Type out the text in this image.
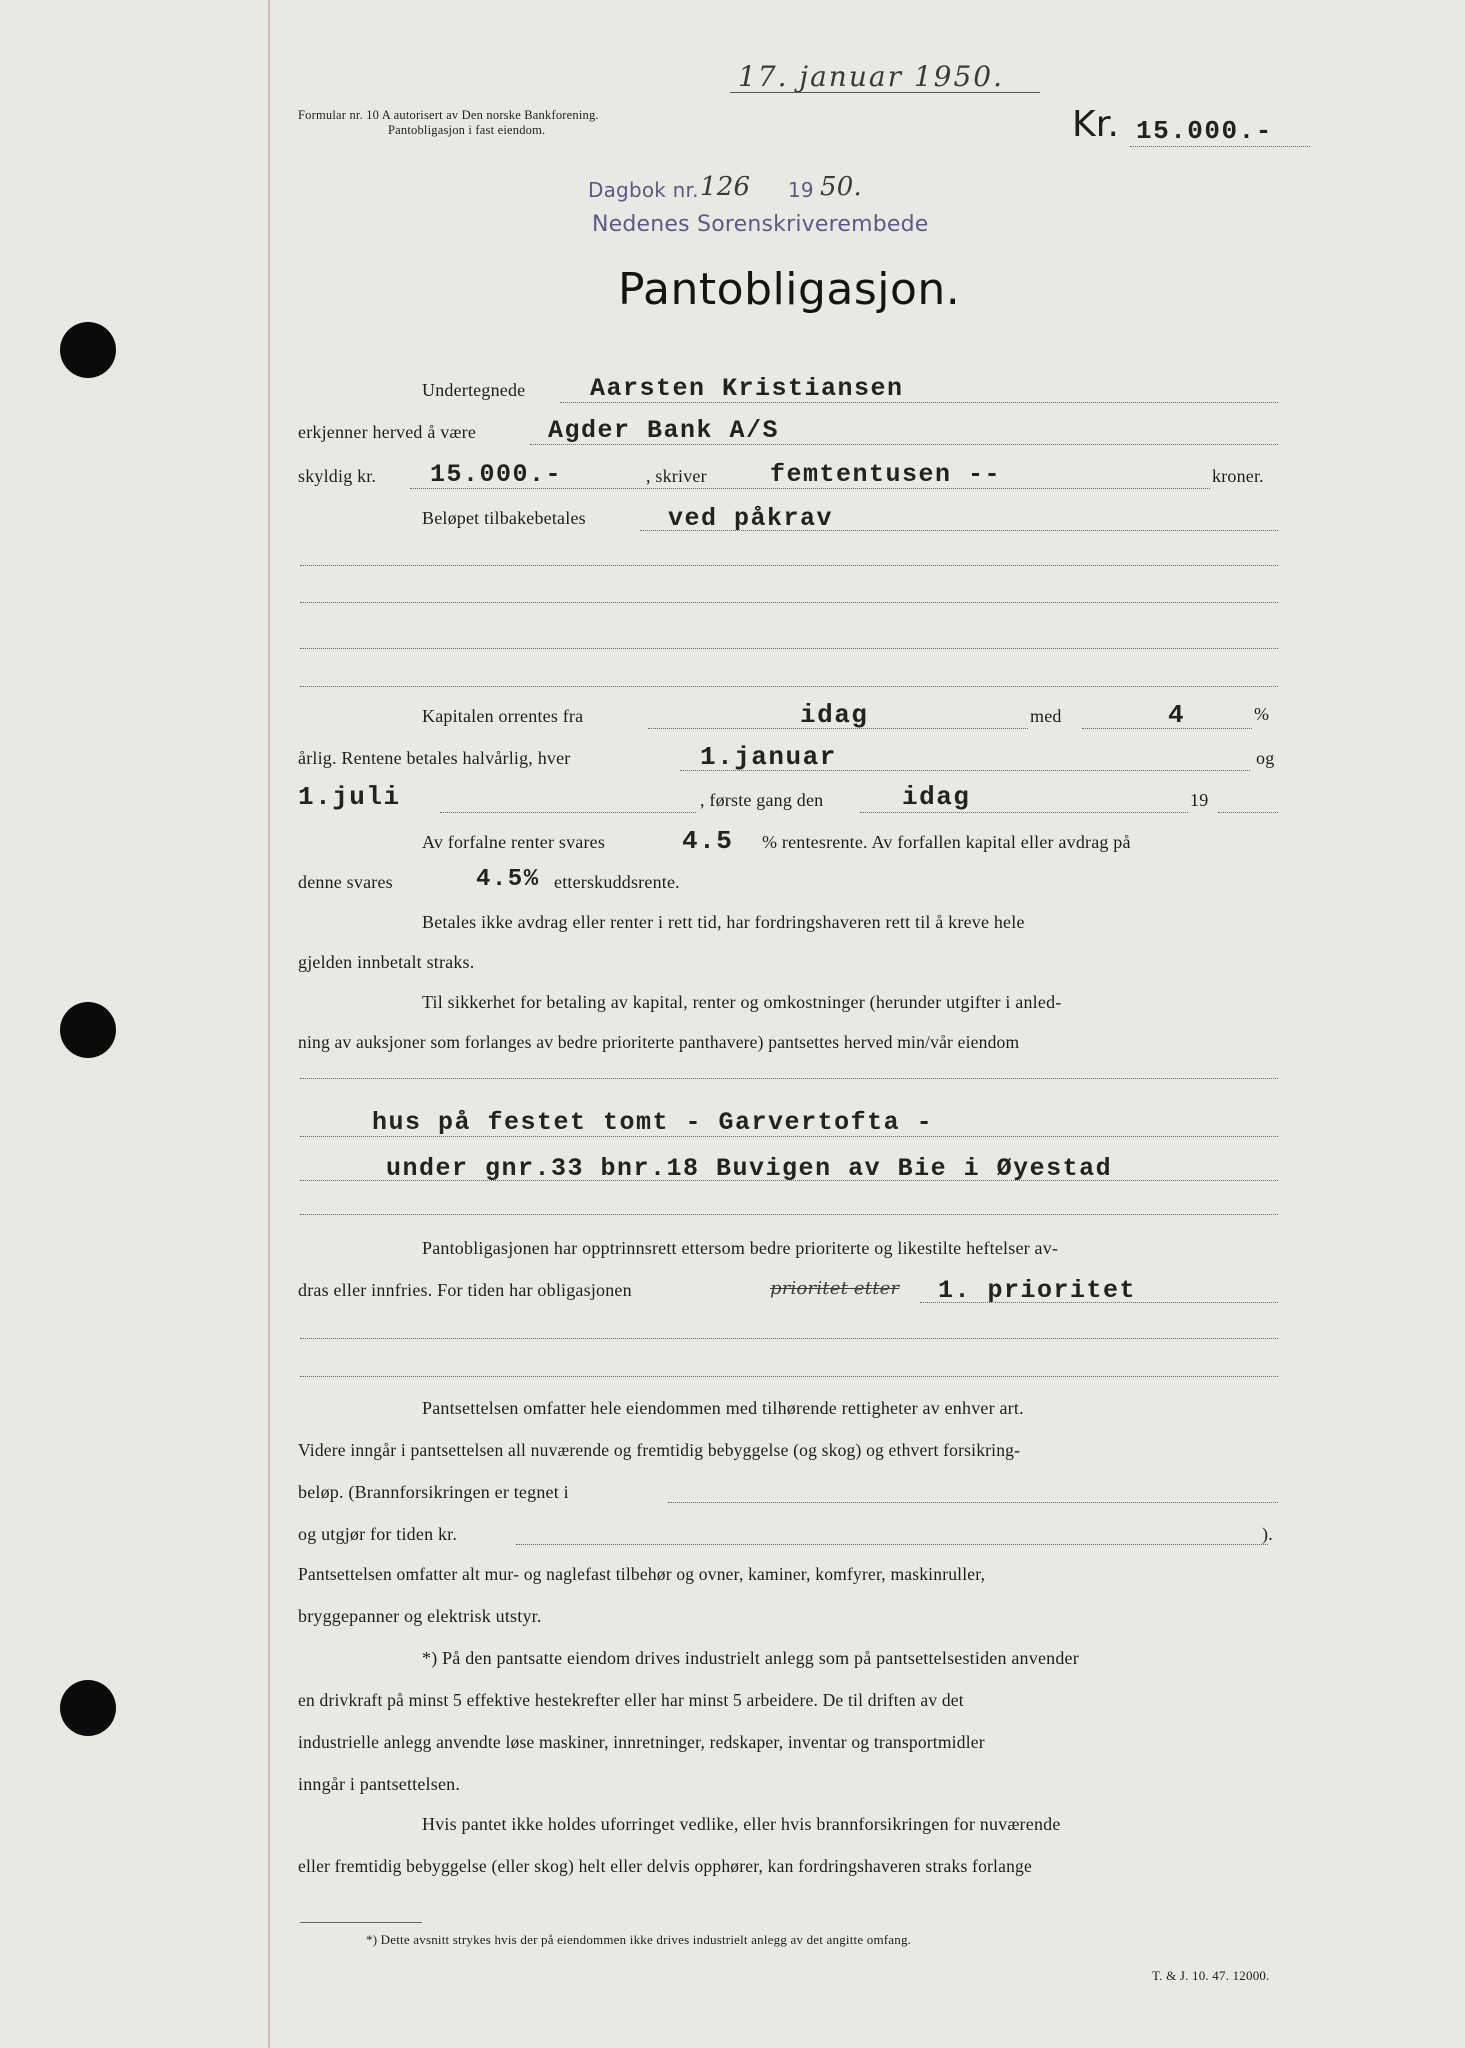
17. januar 1950.
Formular nr. 10 A autorisert av Den norske Bankforening.
Pantobligasjon i fast eiendom.	Kr. 15.000.-
Dagbok nr. 126 19 50.
Nedenes Sorenskriverembede
Pantobligasjon.
Undertegnede	Aarsten Kristiansen
erkjenner herved å være	Agder Bank A/S
skyldig kr. 15.000.-	, skriver	femtentusen --	kroner.
Beløpet tilbakebetales	ved påkrav
Kapitalen orrentes fra	idag	med	4	%
årlig. Rentene betales halvårlig, hver	1.januar	og
1.juli	, første gang den	idag	19
Av forfalne renter svares	4.5 % rentesrente. Av forfallen kapital eller avdrag på
denne svares	4.5% etterskuddsrente.
Betales ikke avdrag eller renter i rett tid, har fordringshaveren rett til å kreve hele
gjelden innbetalt straks.
Til sikkerhet for betaling av kapital, renter og omkostninger (herunder utgifter i anled-
ning av auksjoner som forlanges av bedre prioriterte panthavere) pantsettes herved min/vår eiendom
hus på festet tomt - Garvertofta -
under gnr.33 bnr.18 Buvigen av Bie i Øyestad
Pantobligasjonen har opptrinnsrett ettersom bedre prioriterte og likestilte heftelser av-
dras eller innfries. For tiden har obligasjonen	prioritet etter 1. prioritet
Pantsettelsen omfatter hele eiendommen med tilhørende rettigheter av enhver art.
Videre inngår i pantsettelsen all nuværende og fremtidig bebyggelse (og skog) og ethvert forsikring-
beløp. (Brannforsikringen er tegnet i
og utgjør for tiden kr.	).
Pantsettelsen omfatter alt mur- og naglefast tilbehør og ovner, kaminer, komfyrer, maskinruller,
bryggepanner og elektrisk utstyr.
*) På den pantsatte eiendom drives industrielt anlegg som på pantsettelsestiden anvender
en drivkraft på minst 5 effektive hestekrefter eller har minst 5 arbeidere. De til driften av det
industrielle anlegg anvendte løse maskiner, innretninger, redskaper, inventar og transportmidler
inngår i pantsettelsen.
Hvis pantet ikke holdes uforringet vedlike, eller hvis brannforsikringen for nuværende
eller fremtidig bebyggelse (eller skog) helt eller delvis opphører, kan fordringshaveren straks forlange
*) Dette avsnitt strykes hvis der på eiendommen ikke drives industrielt anlegg av det angitte omfang.
T. & J. 10. 47. 12000.
